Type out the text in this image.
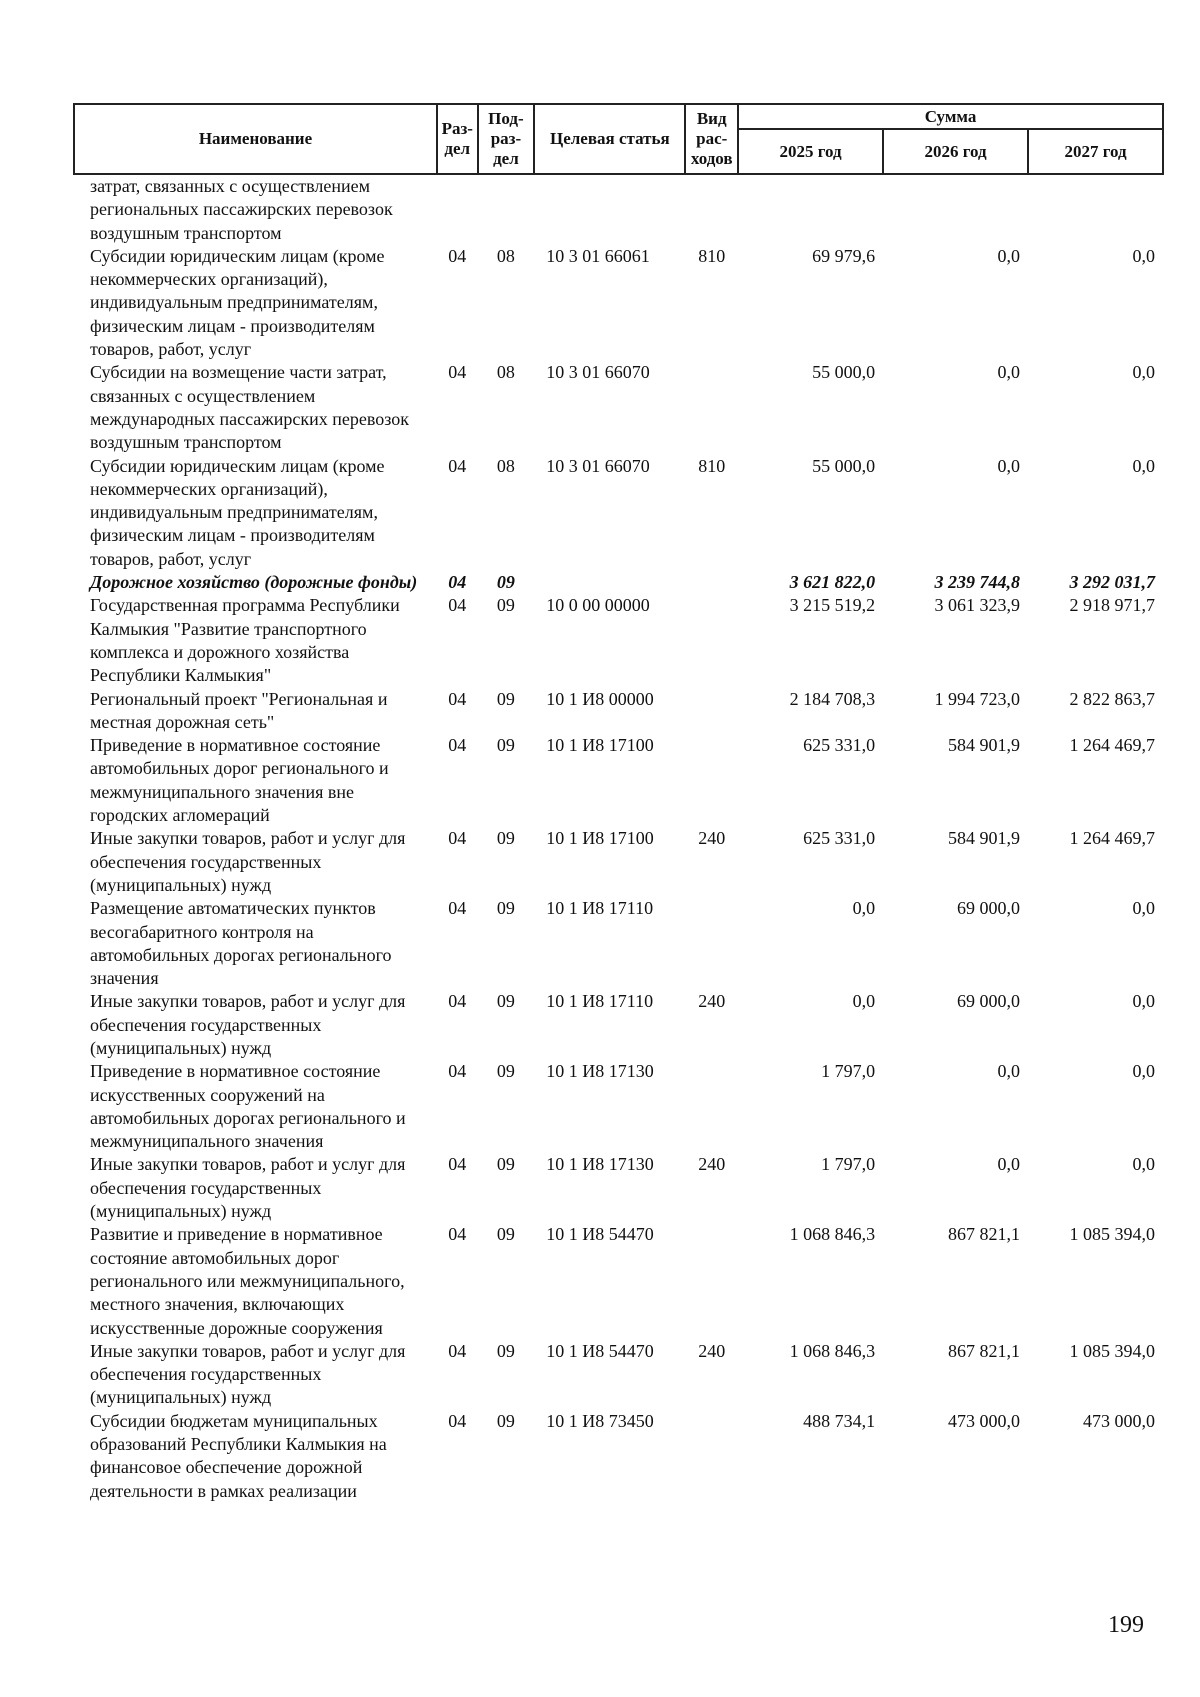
Наименование	Раз-дел	Под-раз-дел	Целевая статья	Вид рас-ходов	Сумма		
					2025 год	2026 год	2027 год
затрат, связанных с осуществлением региональных пассажирских перевозок воздушным транспортом							
Субсидии юридическим лицам (кроме некоммерческих организаций), индивидуальным предпринимателям, физическим лицам - производителям товаров, работ, услуг	04	08	10 3 01 66061	810	69 979,6	0,0	0,0
Субсидии на возмещение части затрат, связанных с осуществлением международных пассажирских перевозок воздушным транспортом	04	08	10 3 01 66070		55 000,0	0,0	0,0
Субсидии юридическим лицам (кроме некоммерческих организаций), индивидуальным предпринимателям, физическим лицам - производителям товаров, работ, услуг	04	08	10 3 01 66070	810	55 000,0	0,0	0,0
Дорожное хозяйство (дорожные фонды)	04	09			3 621 822,0	3 239 744,8	3 292 031,7
Государственная программа Республики Калмыкия "Развитие транспортного комплекса и дорожного хозяйства Республики Калмыкия"	04	09	10 0 00 00000		3 215 519,2	3 061 323,9	2 918 971,7
Региональный проект "Региональная и местная дорожная сеть"	04	09	10 1 И8 00000		2 184 708,3	1 994 723,0	2 822 863,7
Приведение в нормативное состояние автомобильных дорог регионального и межмуниципального значения вне городских агломераций	04	09	10 1 И8 17100		625 331,0	584 901,9	1 264 469,7
Иные закупки товаров, работ и услуг для обеспечения государственных (муниципальных) нужд	04	09	10 1 И8 17100	240	625 331,0	584 901,9	1 264 469,7
Размещение автоматических пунктов весогабаритного контроля на автомобильных дорогах регионального значения	04	09	10 1 И8 17110		0,0	69 000,0	0,0
Иные закупки товаров, работ и услуг для обеспечения государственных (муниципальных) нужд	04	09	10 1 И8 17110	240	0,0	69 000,0	0,0
Приведение в нормативное состояние искусственных сооружений на автомобильных дорогах регионального и межмуниципального значения	04	09	10 1 И8 17130		1 797,0	0,0	0,0
Иные закупки товаров, работ и услуг для обеспечения государственных (муниципальных) нужд	04	09	10 1 И8 17130	240	1 797,0	0,0	0,0
Развитие и приведение в нормативное состояние автомобильных дорог регионального или межмуниципального, местного значения, включающих искусственные дорожные сооружения	04	09	10 1 И8 54470		1 068 846,3	867 821,1	1 085 394,0
Иные закупки товаров, работ и услуг для обеспечения государственных (муниципальных) нужд	04	09	10 1 И8 54470	240	1 068 846,3	867 821,1	1 085 394,0
Субсидии бюджетам муниципальных образований Республики Калмыкия на финансовое обеспечение дорожной деятельности в рамках реализации	04	09	10 1 И8 73450		488 734,1	473 000,0	473 000,0
199
